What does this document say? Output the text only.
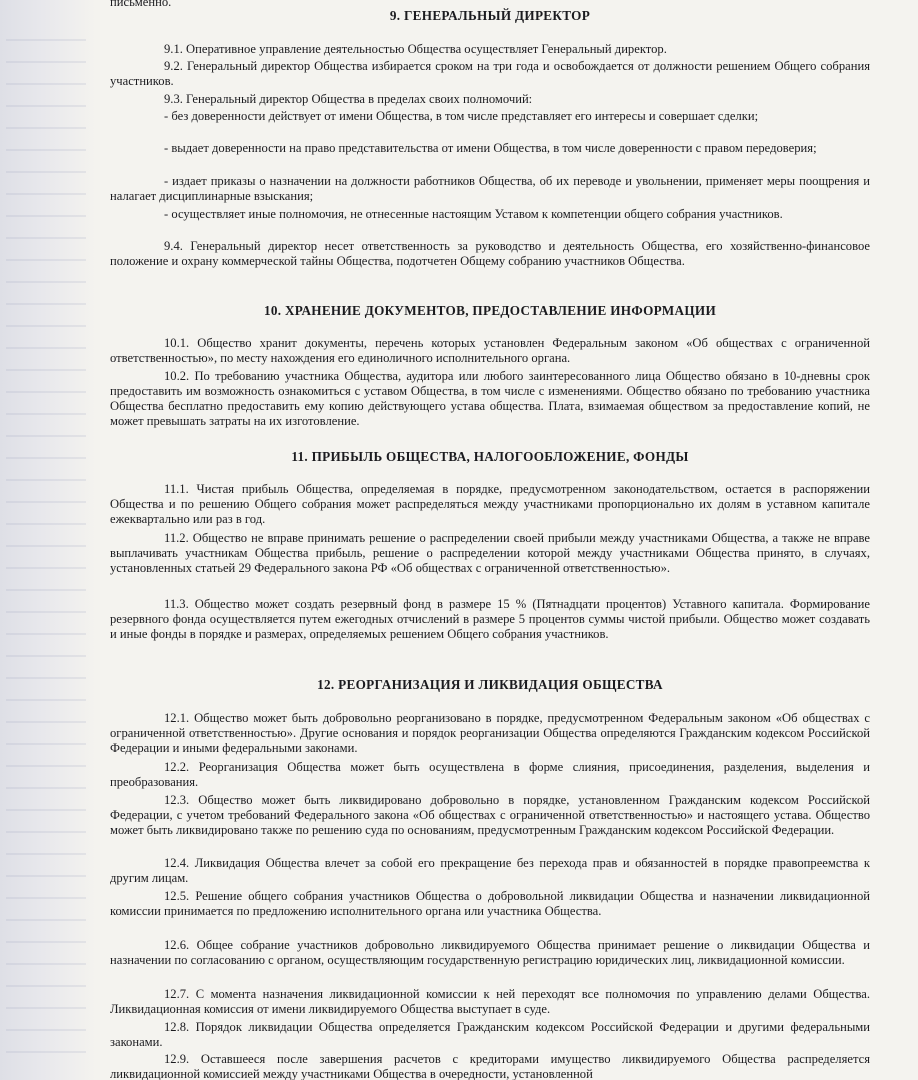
письменно.
9. ГЕНЕРАЛЬНЫЙ ДИРЕКТОР

9.1. Оперативное управление деятельностью Общества осуществляет Генеральный директор.

9.2. Генеральный директор Общества избирается сроком на три года и освобождается от должности решением Общего собрания участников.

9.3. Генеральный директор Общества в пределах своих полномочий:

- без доверенности действует от имени Общества, в том числе представляет его интересы и совершает сделки;

- выдает доверенности на право представительства от имени Общества, в том числе доверенности с правом передоверия;

- издает приказы о назначении на должности работников Общества, об их переводе и увольнении, применяет меры поощрения и налагает дисциплинарные взыскания;

- осуществляет иные полномочия, не отнесенные настоящим Уставом к компетенции общего собрания участников.

9.4. Генеральный директор несет ответственность за руководство и деятельность Общества, его хозяйственно-финансовое положение и охрану коммерческой тайны Общества, подотчетен Общему собранию участников Общества.

10. ХРАНЕНИЕ ДОКУМЕНТОВ, ПРЕДОСТАВЛЕНИЕ ИНФОРМАЦИИ

10.1. Общество хранит документы, перечень которых установлен Федеральным законом «Об обществах с ограниченной ответственностью», по месту нахождения его единоличного исполнительного органа.

10.2. По требованию участника Общества, аудитора или любого заинтересованного лица Общество обязано в 10-дневны срок предоставить им возможность ознакомиться с уставом Общества, в том числе с изменениями. Общество обязано по требованию участника Общества бесплатно предоставить ему копию действующего устава общества. Плата, взимаемая обществом за предоставление копий, не может превышать затраты на их изготовление.

11. ПРИБЫЛЬ ОБЩЕСТВА, НАЛОГООБЛОЖЕНИЕ, ФОНДЫ

11.1. Чистая прибыль Общества, определяемая в порядке, предусмотренном законодательством, остается в распоряжении Общества и по решению Общего собрания может распределяться между участниками пропорционально их долям в уставном капитале ежеквартально или раз в год.

11.2. Общество не вправе принимать решение о распределении своей прибыли между участниками Общества, а также не вправе выплачивать участникам Общества прибыль, решение о распределении которой между участниками Общества принято, в случаях, установленных статьей 29 Федерального закона РФ «Об обществах с ограниченной ответственностью».

11.3. Общество может создать резервный фонд в размере 15 % (Пятнадцати процентов) Уставного капитала. Формирование резервного фонда осуществляется путем ежегодных отчислений в размере 5 процентов суммы чистой прибыли. Общество может создавать и иные фонды в порядке и размерах, определяемых решением Общего собрания участников.

12. РЕОРГАНИЗАЦИЯ И ЛИКВИДАЦИЯ ОБЩЕСТВА

12.1. Общество может быть добровольно реорганизовано в порядке, предусмотренном Федеральным законом «Об обществах с ограниченной ответственностью». Другие основания и порядок реорганизации Общества определяются Гражданским кодексом Российской Федерации и иными федеральными законами.

12.2. Реорганизация Общества может быть осуществлена в форме слияния, присоединения, разделения, выделения и преобразования.

12.3. Общество может быть ликвидировано добровольно в порядке, установленном Гражданским кодексом Российской Федерации, с учетом требований Федерального закона «Об обществах с ограниченной ответственностью» и настоящего устава. Общество может быть ликвидировано также по решению суда по основаниям, предусмотренным Гражданским кодексом Российской Федерации.

12.4. Ликвидация Общества влечет за собой его прекращение без перехода прав и обязанностей в порядке правопреемства к другим лицам.

12.5. Решение общего собрания участников Общества о добровольной ликвидации Общества и назначении ликвидационной комиссии принимается по предложению исполнительного органа или участника Общества.

12.6. Общее собрание участников добровольно ликвидируемого Общества принимает решение о ликвидации Общества и назначении по согласованию с органом, осуществляющим государственную регистрацию юридических лиц, ликвидационной комиссии.

12.7. С момента назначения ликвидационной комиссии к ней переходят все полномочия по управлению делами Общества. Ликвидационная комиссия от имени ликвидируемого Общества выступает в суде.

12.8. Порядок ликвидации Общества определяется Гражданским кодексом Российской Федерации и другими федеральными законами.

12.9. Оставшееся после завершения расчетов с кредиторами имущество ликвидируемого Общества распределяется ликвидационной комиссией между участниками Общества в очередности, установленной
